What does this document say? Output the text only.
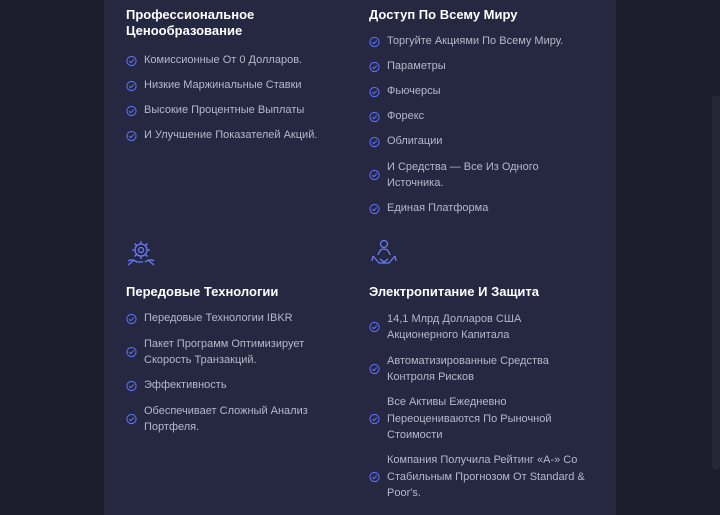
Профессиональное Ценообразование
Комиссионные От 0 Долларов.
Низкие Маржинальные Ставки
Высокие Процентные Выплаты
И Улучшение Показателей Акций.
Доступ По Всему Миру
Торгуйте Акциями По Всему Миру.
Параметры
Фьючерсы
Форекс
Облигации
И Средства — Все Из Одного Источника.
Единая Платформа
Передовые Технологии
Передовые Технологии IBKR
Пакет Программ Оптимизирует Скорость Транзакций.
Эффективность
Обеспечивает Сложный Анализ Портфеля.
Электропитание И Защита
14,1 Млрд Долларов США Акционерного Капитала
Автоматизированные Средства Контроля Рисков
Все Активы Ежедневно Переоцениваются По Рыночной Стоимости
Компания Получила Рейтинг «A-» Со Стабильным Прогнозом От Standard & Poor's.
